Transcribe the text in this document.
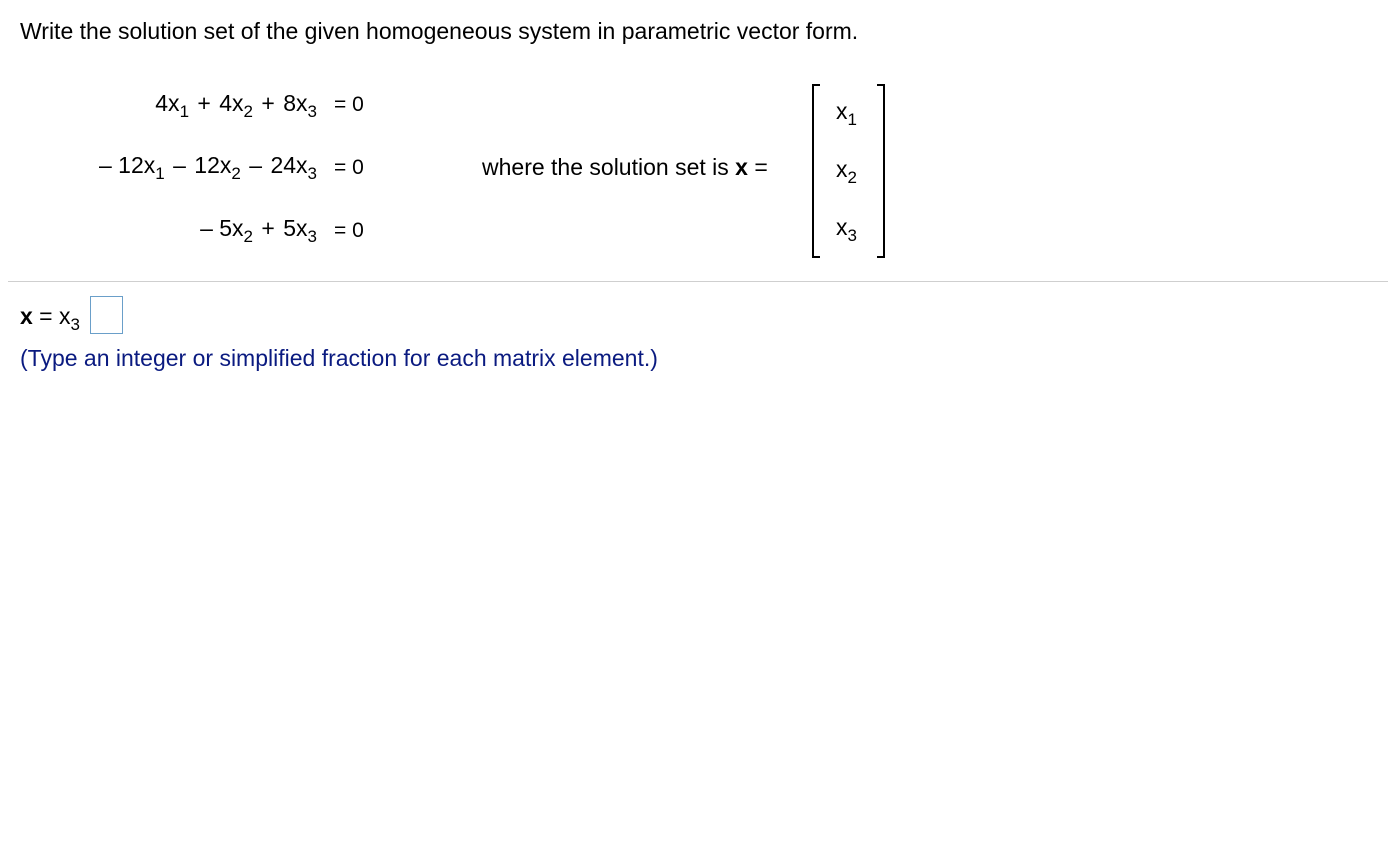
Write the solution set of the given homogeneous system in parametric vector form.
$4x_1 + 4x_2 + 8x_3 = 0$
– $12x_1 - 12x_2 - 24x_3 = 0$
– $5x_2 + 5x_3 = 0$
where the solution set is x =
$x_1$
$x_2$
$x_3$
$x = x_3$
(Type an integer or simplified fraction for each matrix element.)
